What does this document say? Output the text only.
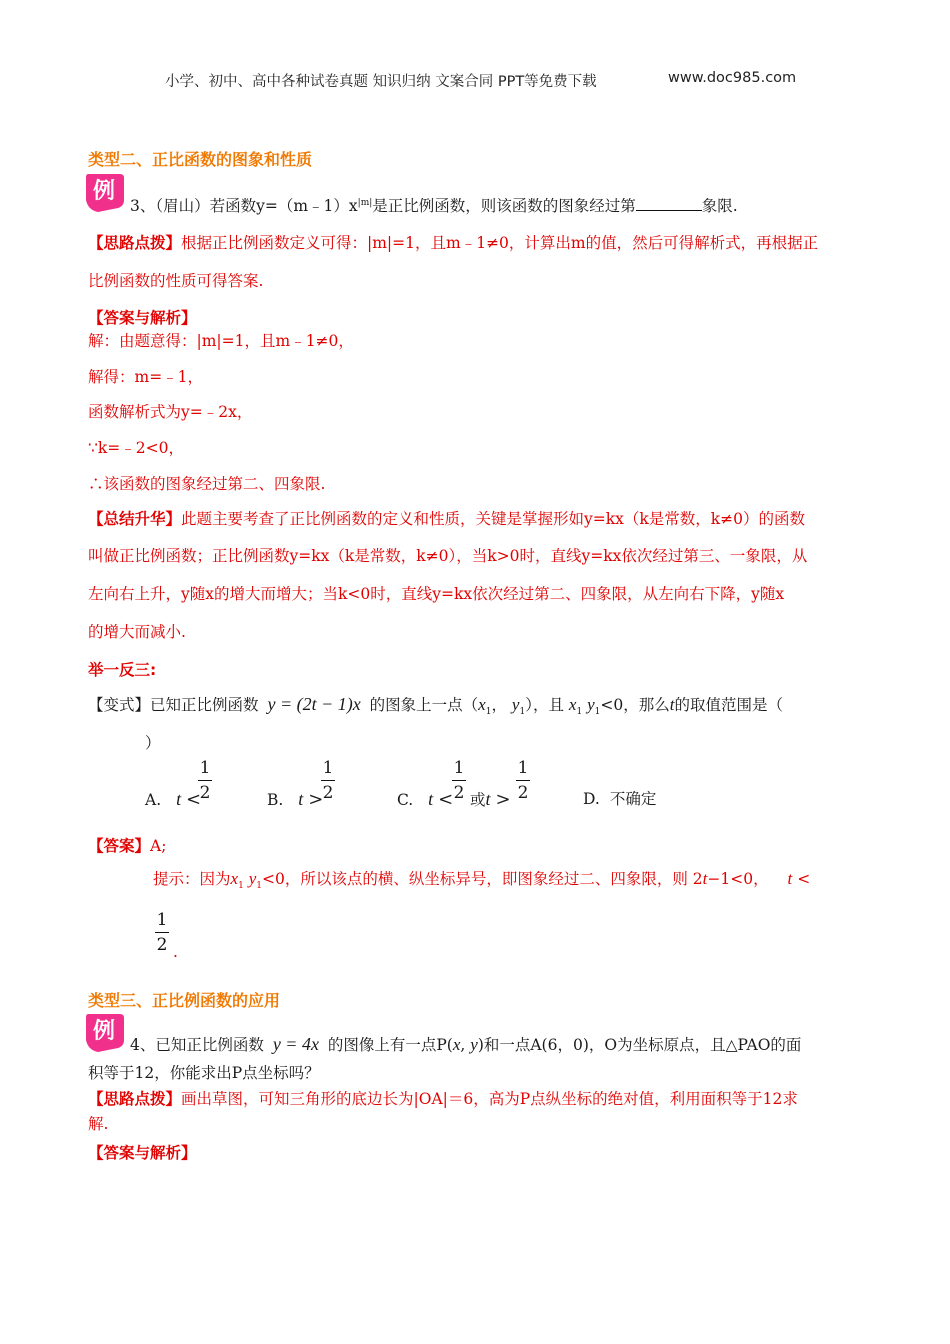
小学、初中、高中各种试卷真题 知识归纳 文案合同 PPT等免费下载	www.doc985.com
类型二、正比函数的图象和性质
例
3、（眉山）若函数$y=(m﹣1)x^{|m|}$是正比例函数，则该函数的图象经过第	象限.
【思路点拨】根据正比例函数定义可得：|m|=1，且m﹣1≠0，计算出m的值，然后可得解析式，再根据正
比例函数的性质可得答案.
【答案与解析】
解：由题意得：|m|=1，且m﹣1≠0，
解得：m=﹣1，
函数解析式为y=﹣2x，
∵k=﹣2<0，
∴该函数的图象经过第二、四象限.
【总结升华】此题主要考查了正比例函数的定义和性质，关键是掌握形如y=kx（k是常数，k≠0）的函数
叫做正比例函数；正比例函数y=kx（k是常数，k≠0），当k>0时，直线y=kx依次经过第三、一象限，从
左向右上升，y随x的增大而增大；当k<0时，直线y=kx依次经过第二、四象限，从左向右下降，y随x
的增大而减小.
举一反三:
【变式】已知正比例函数 y = (2t − 1)x 的图象上一点（$x_1$， $y_1$），且 $x_1$ $y_1<0$，那么t的取值范围是（
）
A. t <
1
2	B. t >
1
2	C. t <
1
2 或t >
1
2	D. 不确定
【答案】A;
提示：因为$x_1$ $y_1<0$，所以该点的横、纵坐标异号，即图象经过二、四象限，则 2t−1<0， t <
1
2 .
类型三、正比例函数的应用
例
4、已知正比例函数 y = 4x 的图像上有一点P(x, y)和一点A(6，0)，O为坐标原点，且△PAO的面
积等于12，你能求出P点坐标吗？
【思路点拨】画出草图，可知三角形的底边长为|OA|＝6，高为P点纵坐标的绝对值，利用面积等于12求
解.
【答案与解析】
